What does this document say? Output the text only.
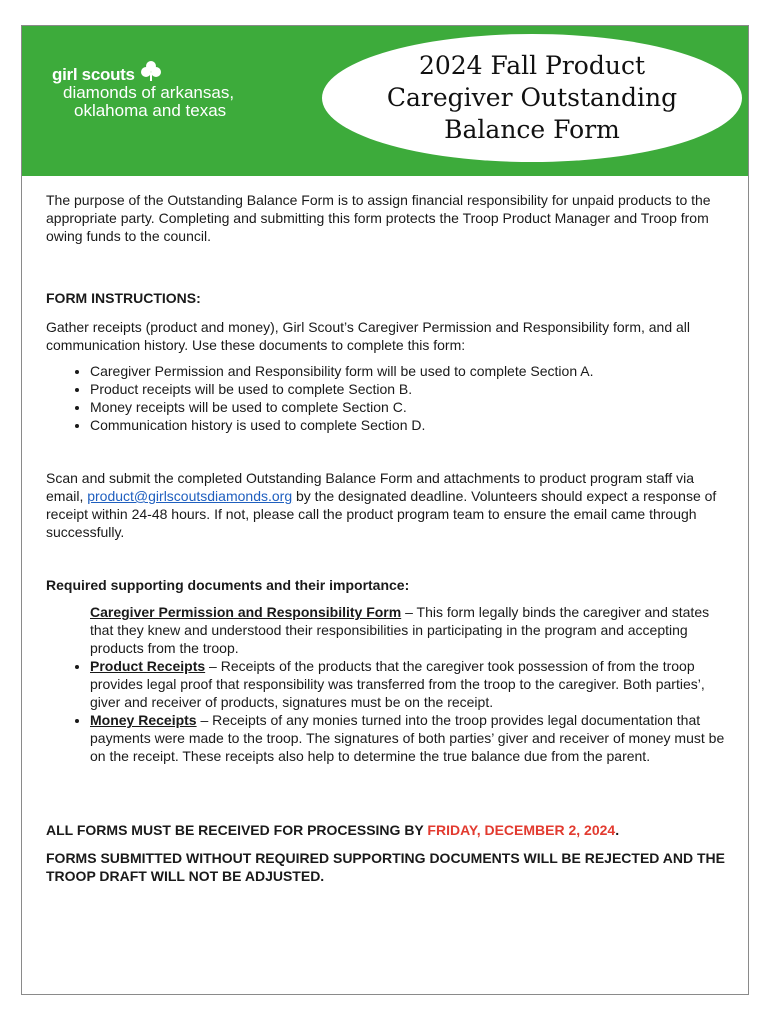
girl scouts
diamonds of arkansas,
oklahoma and texas
2024 Fall Product
Caregiver Outstanding
Balance Form

The purpose of the Outstanding Balance Form is to assign financial responsibility for unpaid products to the appropriate party. Completing and submitting this form protects the Troop Product Manager and Troop from owing funds to the council.

FORM INSTRUCTIONS:

Gather receipts (product and money), Girl Scout’s Caregiver Permission and Responsibility form, and all communication history. Use these documents to complete this form:

• Caregiver Permission and Responsibility form will be used to complete Section A.
• Product receipts will be used to complete Section B.
• Money receipts will be used to complete Section C.
• Communication history is used to complete Section D.

Scan and submit the completed Outstanding Balance Form and attachments to product program staff via email, product@girlscoutsdiamonds.org by the designated deadline. Volunteers should expect a response of receipt within 24-48 hours. If not, please call the product program team to ensure the email came through successfully.

Required supporting documents and their importance:

Caregiver Permission and Responsibility Form – This form legally binds the caregiver and states that they knew and understood their responsibilities in participating in the program and accepting products from the troop.
• Product Receipts – Receipts of the products that the caregiver took possession of from the troop provides legal proof that responsibility was transferred from the troop to the caregiver. Both parties’, giver and receiver of products, signatures must be on the receipt.
• Money Receipts – Receipts of any monies turned into the troop provides legal documentation that payments were made to the troop. The signatures of both parties’ giver and receiver of money must be on the receipt. These receipts also help to determine the true balance due from the parent.

ALL FORMS MUST BE RECEIVED FOR PROCESSING BY FRIDAY, DECEMBER 2, 2024.

FORMS SUBMITTED WITHOUT REQUIRED SUPPORTING DOCUMENTS WILL BE REJECTED AND THE TROOP DRAFT WILL NOT BE ADJUSTED.
